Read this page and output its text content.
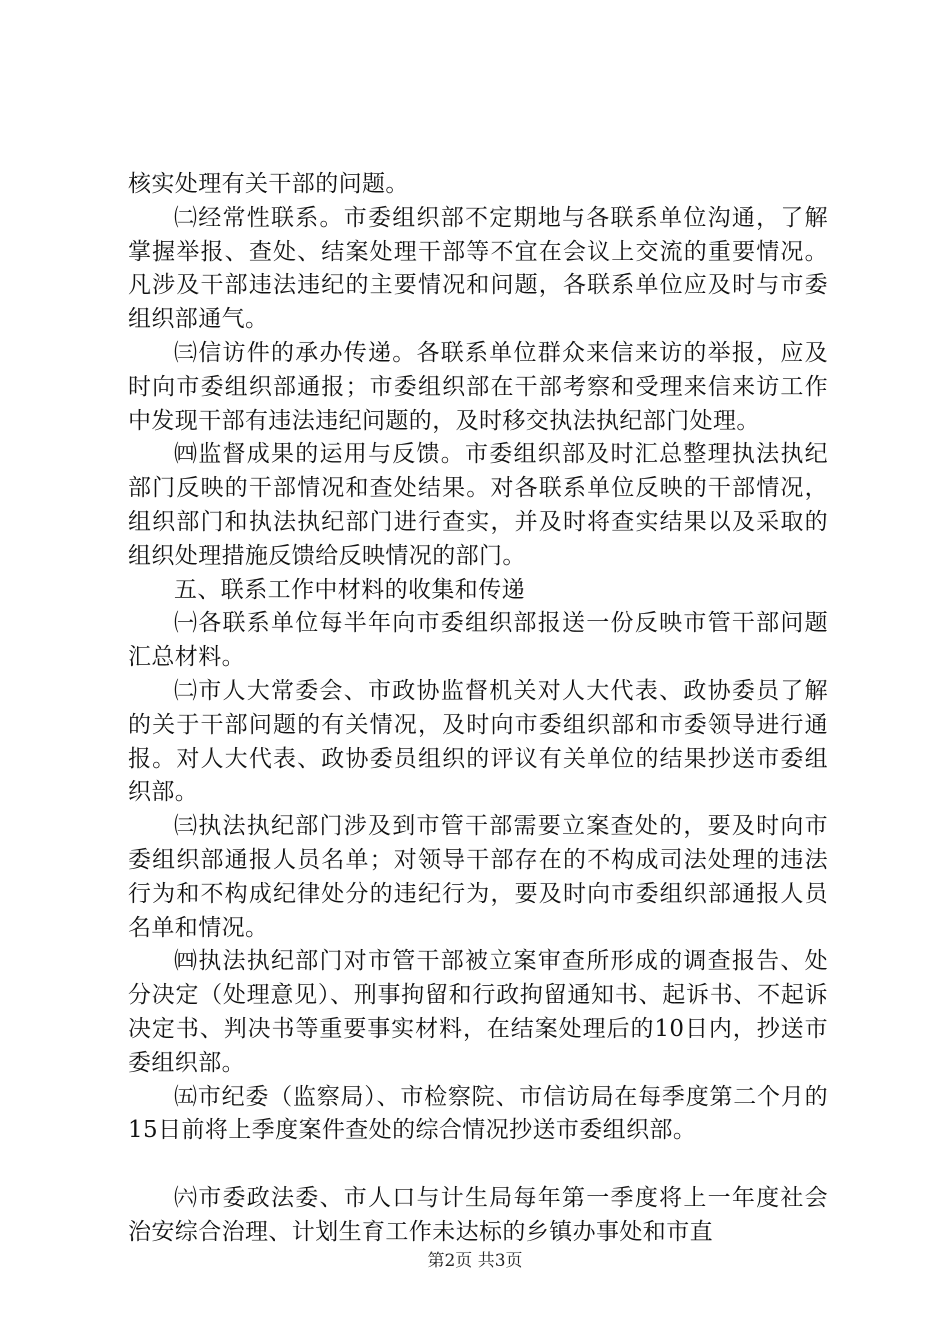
核实处理有关干部的问题。

㈡经常性联系。市委组织部不定期地与各联系单位沟通，了解掌握举报、查处、结案处理干部等不宜在会议上交流的重要情况。凡涉及干部违法违纪的主要情况和问题，各联系单位应及时与市委组织部通气。

㈢信访件的承办传递。各联系单位群众来信来访的举报，应及时向市委组织部通报；市委组织部在干部考察和受理来信来访工作中发现干部有违法违纪问题的，及时移交执法执纪部门处理。

㈣监督成果的运用与反馈。市委组织部及时汇总整理执法执纪部门反映的干部情况和查处结果。对各联系单位反映的干部情况，组织部门和执法执纪部门进行查实，并及时将查实结果以及采取的组织处理措施反馈给反映情况的部门。

五、联系工作中材料的收集和传递

㈠各联系单位每半年向市委组织部报送一份反映市管干部问题汇总材料。

㈡市人大常委会、市政协监督机关对人大代表、政协委员了解的关于干部问题的有关情况，及时向市委组织部和市委领导进行通报。对人大代表、政协委员组织的评议有关单位的结果抄送市委组织部。

㈢执法执纪部门涉及到市管干部需要立案查处的，要及时向市委组织部通报人员名单；对领导干部存在的不构成司法处理的违法行为和不构成纪律处分的违纪行为，要及时向市委组织部通报人员名单和情况。

㈣执法执纪部门对市管干部被立案审查所形成的调查报告、处分决定（处理意见）、刑事拘留和行政拘留通知书、起诉书、不起诉决定书、判决书等重要事实材料，在结案处理后的10日内，抄送市委组织部。

㈤市纪委（监察局）、市检察院、市信访局在每季度第二个月的15日前将上季度案件查处的综合情况抄送市委组织部。

㈥市委政法委、市人口与计生局每年第一季度将上一年度社会治安综合治理、计划生育工作未达标的乡镇办事处和市直

第2页 共3页
